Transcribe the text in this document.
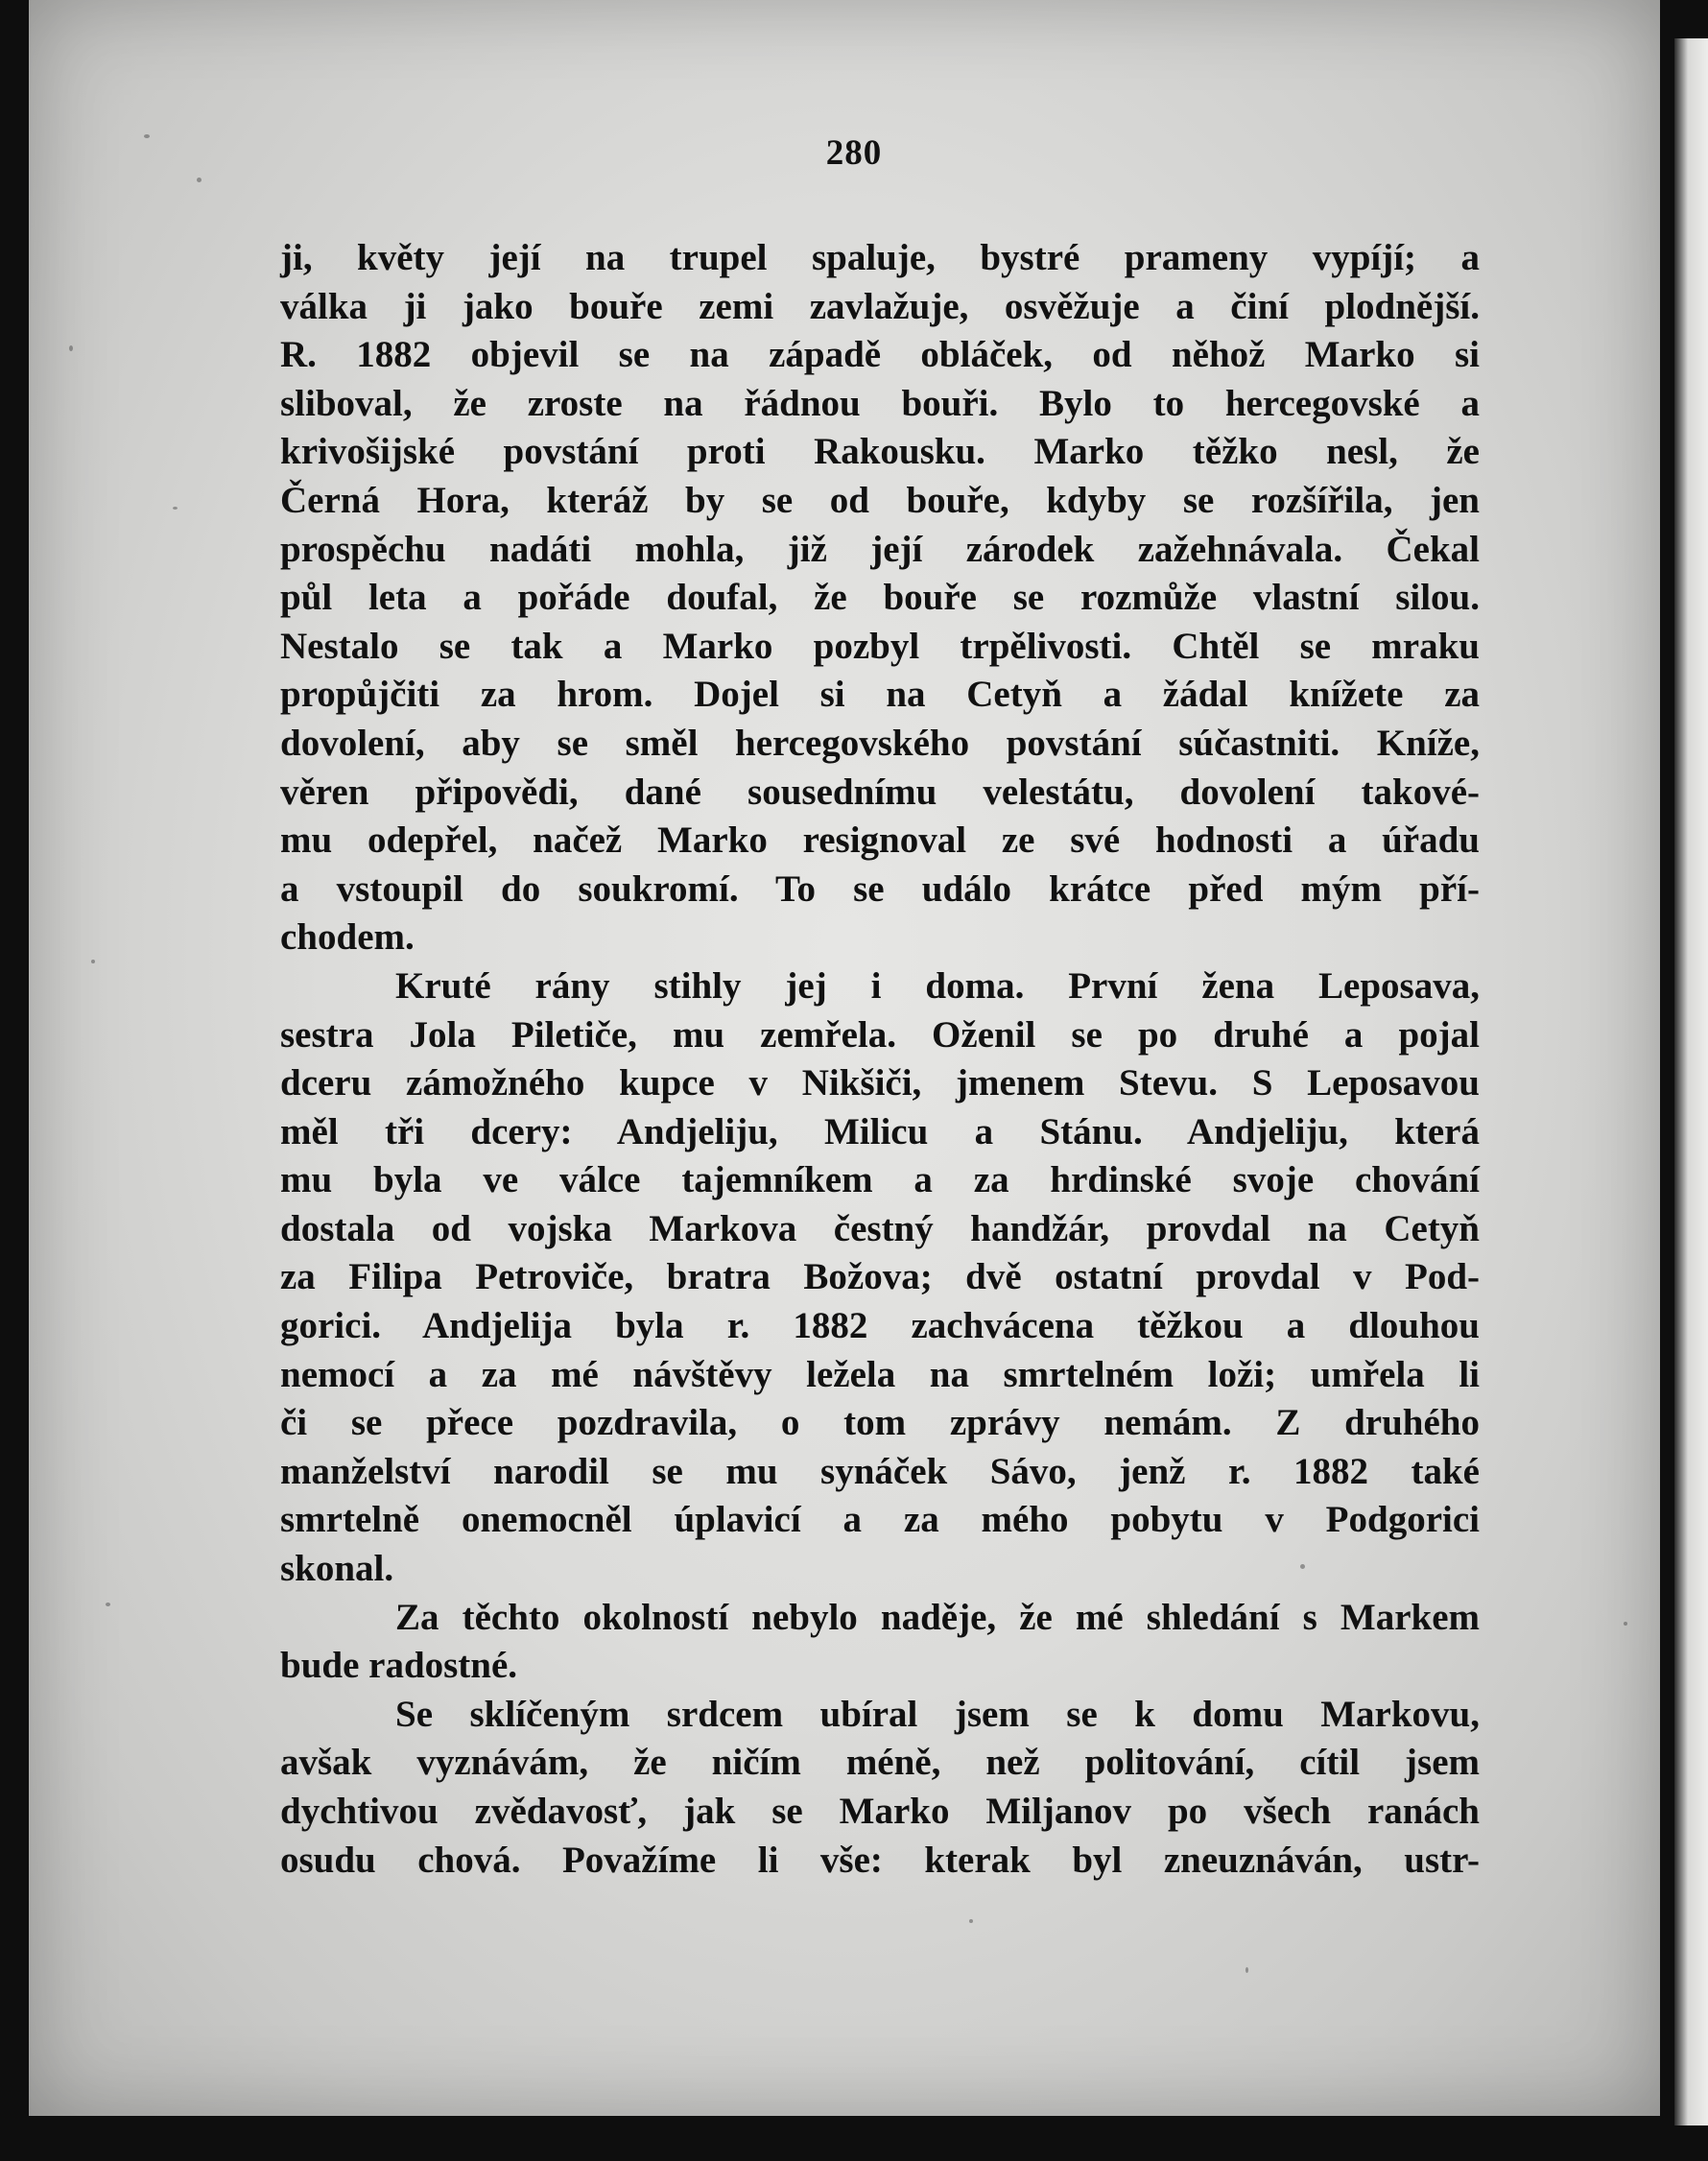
280
ji, květy její na trupel spaluje, bystré prameny vypíjí; a
válka ji jako bouře zemi zavlažuje, osvěžuje a činí plodnější.
R. 1882 objevil se na západě obláček, od něhož Marko si
sliboval, že zroste na řádnou bouři. Bylo to hercegovské a
krivošijské povstání proti Rakousku. Marko těžko nesl, že
Černá Hora, kteráž by se od bouře, kdyby se rozšířila, jen
prospěchu nadáti mohla, již její zárodek zažehnávala. Čekal
půl leta a pořáde doufal, že bouře se rozmůže vlastní silou.
Nestalo se tak a Marko pozbyl trpělivosti. Chtěl se mraku
propůjčiti za hrom. Dojel si na Cetyň a žádal knížete za
dovolení, aby se směl hercegovského povstání súčastniti. Kníže,
věren připovědi, dané sousednímu velestátu, dovolení takové-
mu odepřel, načež Marko resignoval ze své hodnosti a úřadu
a vstoupil do soukromí. To se událo krátce před mým pří-
chodem.
Kruté rány stihly jej i doma. První žena Leposava,
sestra Jola Piletiče, mu zemřela. Oženil se po druhé a pojal
dceru zámožného kupce v Nikšiči, jmenem Stevu. S Leposavou
měl tři dcery: Andjeliju, Milicu a Stánu. Andjeliju, která
mu byla ve válce tajemníkem a za hrdinské svoje chování
dostala od vojska Markova čestný handžár, provdal na Cetyň
za Filipa Petroviče, bratra Božova; dvě ostatní provdal v Pod-
gorici. Andjelija byla r. 1882 zachvácena těžkou a dlouhou
nemocí a za mé návštěvy ležela na smrtelném loži; umřela li
či se přece pozdravila, o tom zprávy nemám. Z druhého
manželství narodil se mu synáček Sávo, jenž r. 1882 také
smrtelně onemocněl úplavicí a za mého pobytu v Podgorici
skonal.
Za těchto okolností nebylo naděje, že mé shledání s Markem
bude radostné.
Se sklíčeným srdcem ubíral jsem se k domu Markovu,
avšak vyznávám, že ničím méně, než politování, cítil jsem
dychtivou zvědavosť, jak se Marko Miljanov po všech ranách
osudu chová. Považíme li vše: kterak byl zneuznáván, ustr-
